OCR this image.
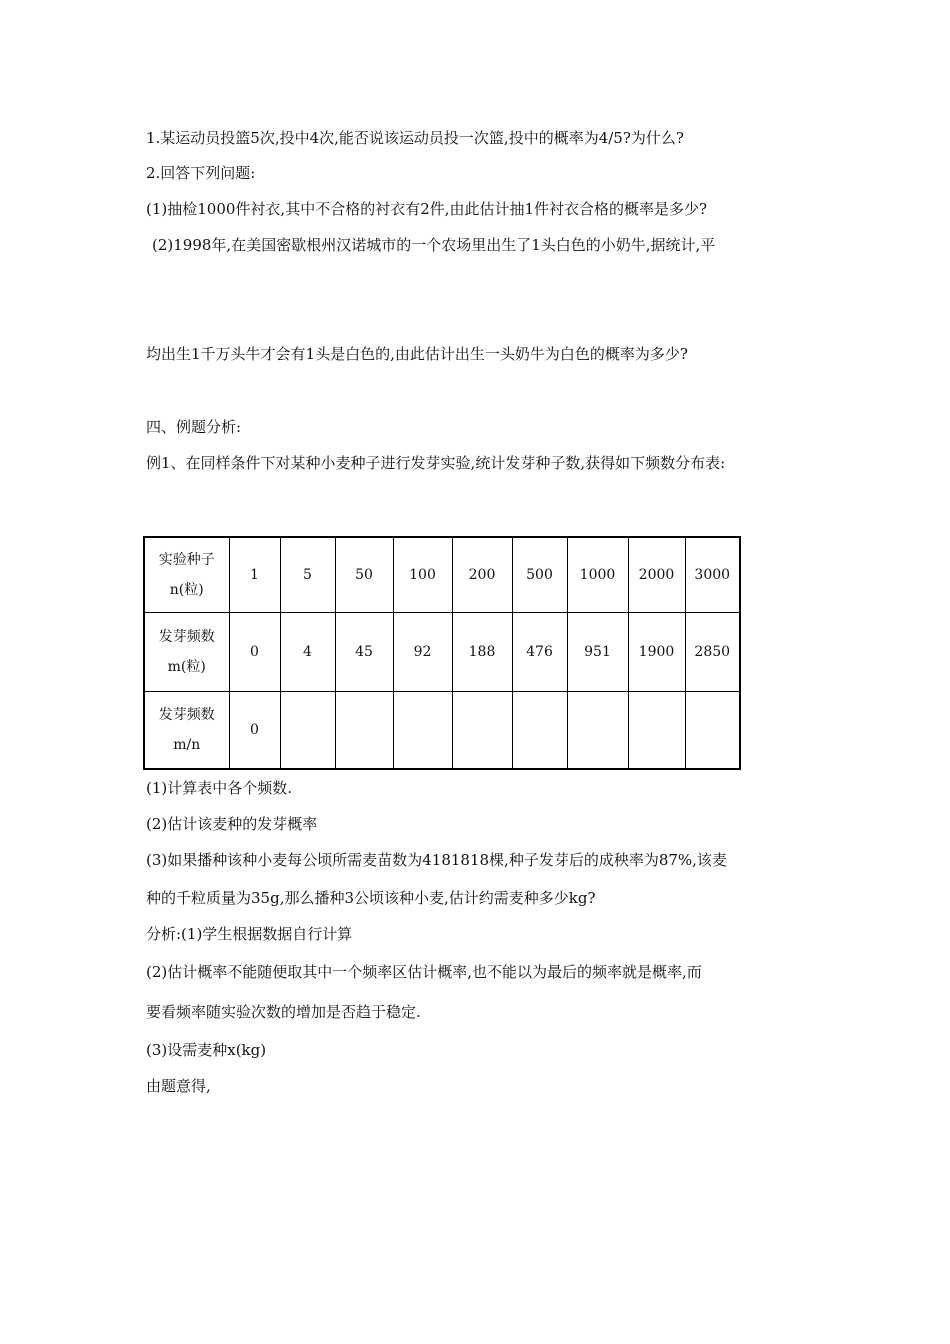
1.某运动员投篮5次,投中4次,能否说该运动员投一次篮,投中的概率为4/5?为什么?
2.回答下列问题:
(1)抽检1000件衬衣,其中不合格的衬衣有2件,由此估计抽1件衬衣合格的概率是多少?
(2)1998年,在美国密歇根州汉诺城市的一个农场里出生了1头白色的小奶牛,据统计,平
均出生1千万头牛才会有1头是白色的,由此估计出生一头奶牛为白色的概率为多少?
四、例题分析:
例1、在同样条件下对某种小麦种子进行发芽实验,统计发芽种子数,获得如下频数分布表:
实验种子
n(粒)	1	5	50	100	200	500	1000	2000	3000

发芽频数
m(粒)	0	4	45	92	188	476	951	1900	2850

发芽频数
m/n	0								
(1)计算表中各个频数.
(2)估计该麦种的发芽概率
(3)如果播种该种小麦每公顷所需麦苗数为4181818棵,种子发芽后的成秧率为87%,该麦
种的千粒质量为35g,那么播种3公顷该种小麦,估计约需麦种多少kg?
分析:(1)学生根据数据自行计算
(2)估计概率不能随便取其中一个频率区估计概率,也不能以为最后的频率就是概率,而
要看频率随实验次数的增加是否趋于稳定.
(3)设需麦种x(kg)
由题意得,
